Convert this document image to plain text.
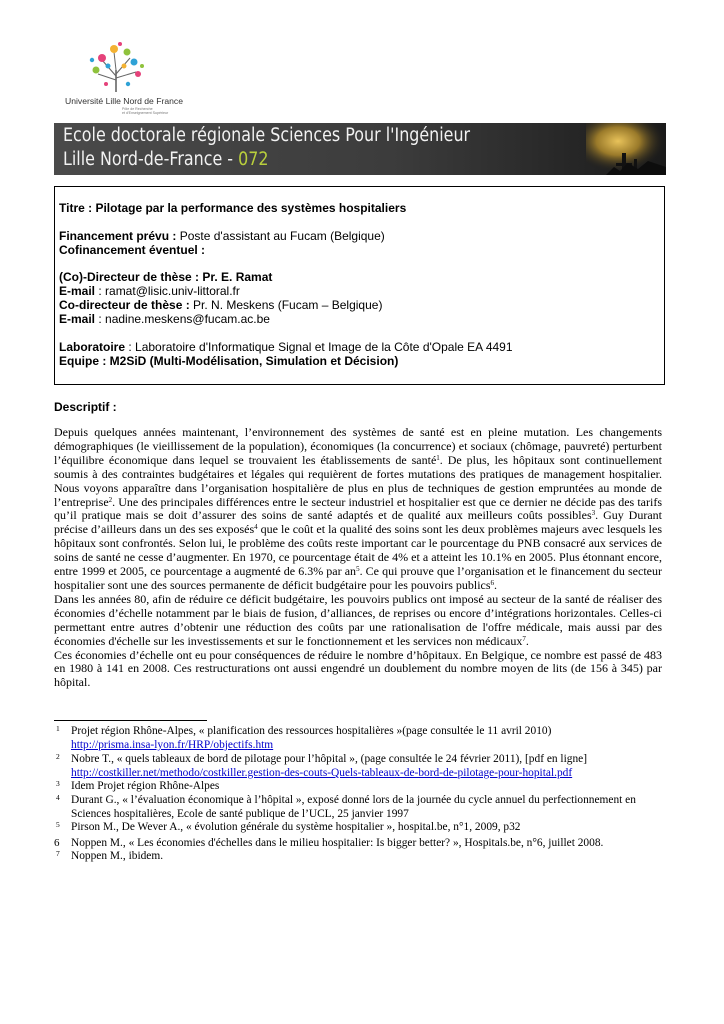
Université Lille Nord de France
Pôle de Recherche
et d'Enseignement Supérieur
Ecole doctorale régionale Sciences Pour l'Ingénieur
Lille Nord-de-France - 072
Titre : Pilotage par la performance des systèmes hospitaliers
Financement prévu : Poste d'assistant au Fucam (Belgique)
Cofinancement éventuel :
(Co)-Directeur de thèse : Pr. E. Ramat
E-mail : ramat@lisic.univ-littoral.fr
Co-directeur de thèse : Pr. N. Meskens (Fucam – Belgique)
E-mail : nadine.meskens@fucam.ac.be
Laboratoire : Laboratoire d'Informatique Signal et Image de la Côte d'Opale EA 4491
Equipe : M2SiD (Multi-Modélisation, Simulation et Décision)
Descriptif :

Depuis quelques années maintenant, l’environnement des systèmes de santé est en pleine mutation. Les changements démographiques (le vieillissement de la population), économiques (la concurrence) et sociaux (chômage, pauvreté) perturbent l’équilibre économique dans lequel se trouvaient les établissements de santé$^1$. De plus, les hôpitaux sont continuellement soumis à des contraintes budgétaires et légales qui requièrent de fortes mutations des pratiques de management hospitalier. Nous voyons apparaître dans l’organisation hospitalière de plus en plus de techniques de gestion empruntées au monde de l’entreprise$^2$. Une des principales différences entre le secteur industriel et hospitalier est que ce dernier ne décide pas des tarifs qu’il pratique mais se doit d’assurer des soins de santé adaptés et de qualité aux meilleurs coûts possibles$^3$. Guy Durant précise d’ailleurs dans un des ses exposés$^4$ que le coût et la qualité des soins sont les deux problèmes majeurs avec lesquels les hôpitaux sont confrontés. Selon lui, le problème des coûts reste important car le pourcentage du PNB consacré aux services de soins de santé ne cesse d’augmenter. En 1970, ce pourcentage était de 4% et a atteint les 10.1% en 2005. Plus étonnant encore, entre 1999 et 2005, ce pourcentage a augmenté de 6.3% par $an^5$. Ce qui prouve que l’organisation et le financement du secteur hospitalier sont une des sources permanente de déficit budgétaire pour les pouvoirs publics$^6$.

Dans les années 80, afin de réduire ce déficit budgétaire, les pouvoirs publics ont imposé au secteur de la santé de réaliser des économies d’échelle notamment par le biais de fusion, d’alliances, de reprises ou encore d’intégrations horizontales. Celles-ci permettant entre autres d’obtenir une réduction des coûts par une rationalisation de l'offre médicale, mais aussi par des économies d'échelle sur les investissements et sur le fonctionnement et les services non médicaux$^7$.

Ces économies d’échelle ont eu pour conséquences de réduire le nombre d’hôpitaux. En Belgique, ce nombre est passé de 483 en 1980 à 141 en 2008. Ces restructurations ont aussi engendré un doublement du nombre moyen de lits (de 156 à 345) par hôpital.

1 Projet région Rhône-Alpes, « planification des ressources hospitalières »(page consultée le 11 avril 2010)
http://prisma.insa-lyon.fr/HRP/objectifs.htm
2 Nobre T., « quels tableaux de bord de pilotage pour l’hôpital », (page consultée le 24 février 2011), [pdf en ligne]
http://costkiller.net/methodo/costkiller.gestion-des-couts-Quels-tableaux-de-bord-de-pilotage-pour-hopital.pdf
3 Idem Projet région Rhône-Alpes
4 Durant G., « l’évaluation économique à l’hôpital », exposé donné lors de la journée du cycle annuel du perfectionnement en Sciences hospitalières, Ecole de santé publique de l’UCL, 25 janvier 1997
5 Pirson M., De Wever A., « évolution générale du système hospitalier », hospital.be, n°1, 2009, p32
6 Noppen M., « Les économies d'échelles dans le milieu hospitalier: Is bigger better? », Hospitals.be, n°6, juillet 2008.
7 Noppen M., ibidem.
